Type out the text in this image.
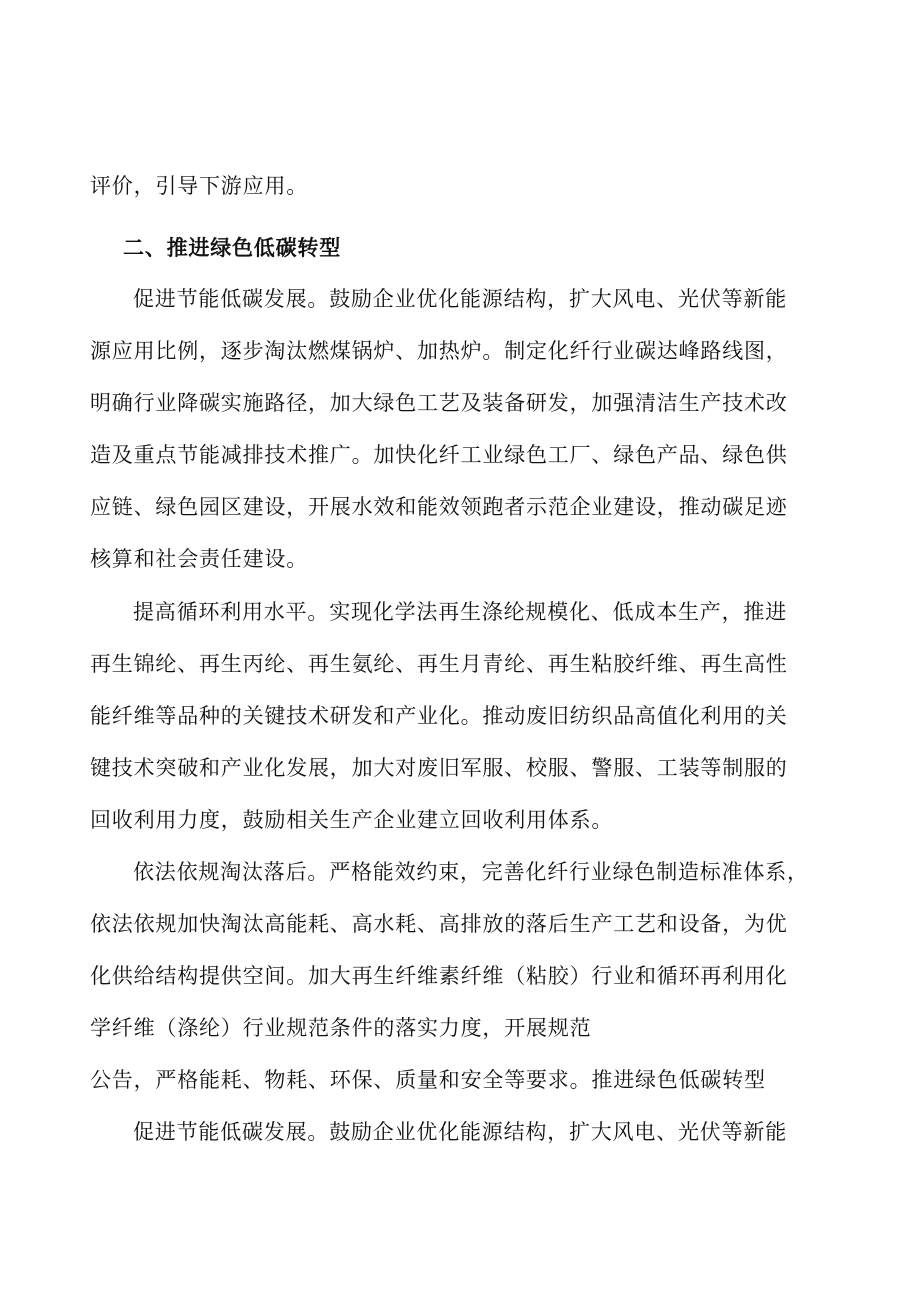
评价，引导下游应用。
二、推进绿色低碳转型
促进节能低碳发展。鼓励企业优化能源结构，扩大风电、光伏等新能
源应用比例，逐步淘汰燃煤锅炉、加热炉。制定化纤行业碳达峰路线图，
明确行业降碳实施路径，加大绿色工艺及装备研发，加强清洁生产技术改
造及重点节能减排技术推广。加快化纤工业绿色工厂、绿色产品、绿色供
应链、绿色园区建设，开展水效和能效领跑者示范企业建设，推动碳足迹
核算和社会责任建设。
提高循环利用水平。实现化学法再生涤纶规模化、低成本生产，推进
再生锦纶、再生丙纶、再生氨纶、再生月青纶、再生粘胶纤维、再生高性
能纤维等品种的关键技术研发和产业化。推动废旧纺织品高值化利用的关
键技术突破和产业化发展，加大对废旧军服、校服、警服、工装等制服的
回收利用力度，鼓励相关生产企业建立回收利用体系。
依法依规淘汰落后。严格能效约束，完善化纤行业绿色制造标准体系，
依法依规加快淘汰高能耗、高水耗、高排放的落后生产工艺和设备，为优
化供给结构提供空间。加大再生纤维素纤维（粘胶）行业和循环再利用化
学纤维（涤纶）行业规范条件的落实力度，开展规范
公告，严格能耗、物耗、环保、质量和安全等要求。推进绿色低碳转型
促进节能低碳发展。鼓励企业优化能源结构，扩大风电、光伏等新能
